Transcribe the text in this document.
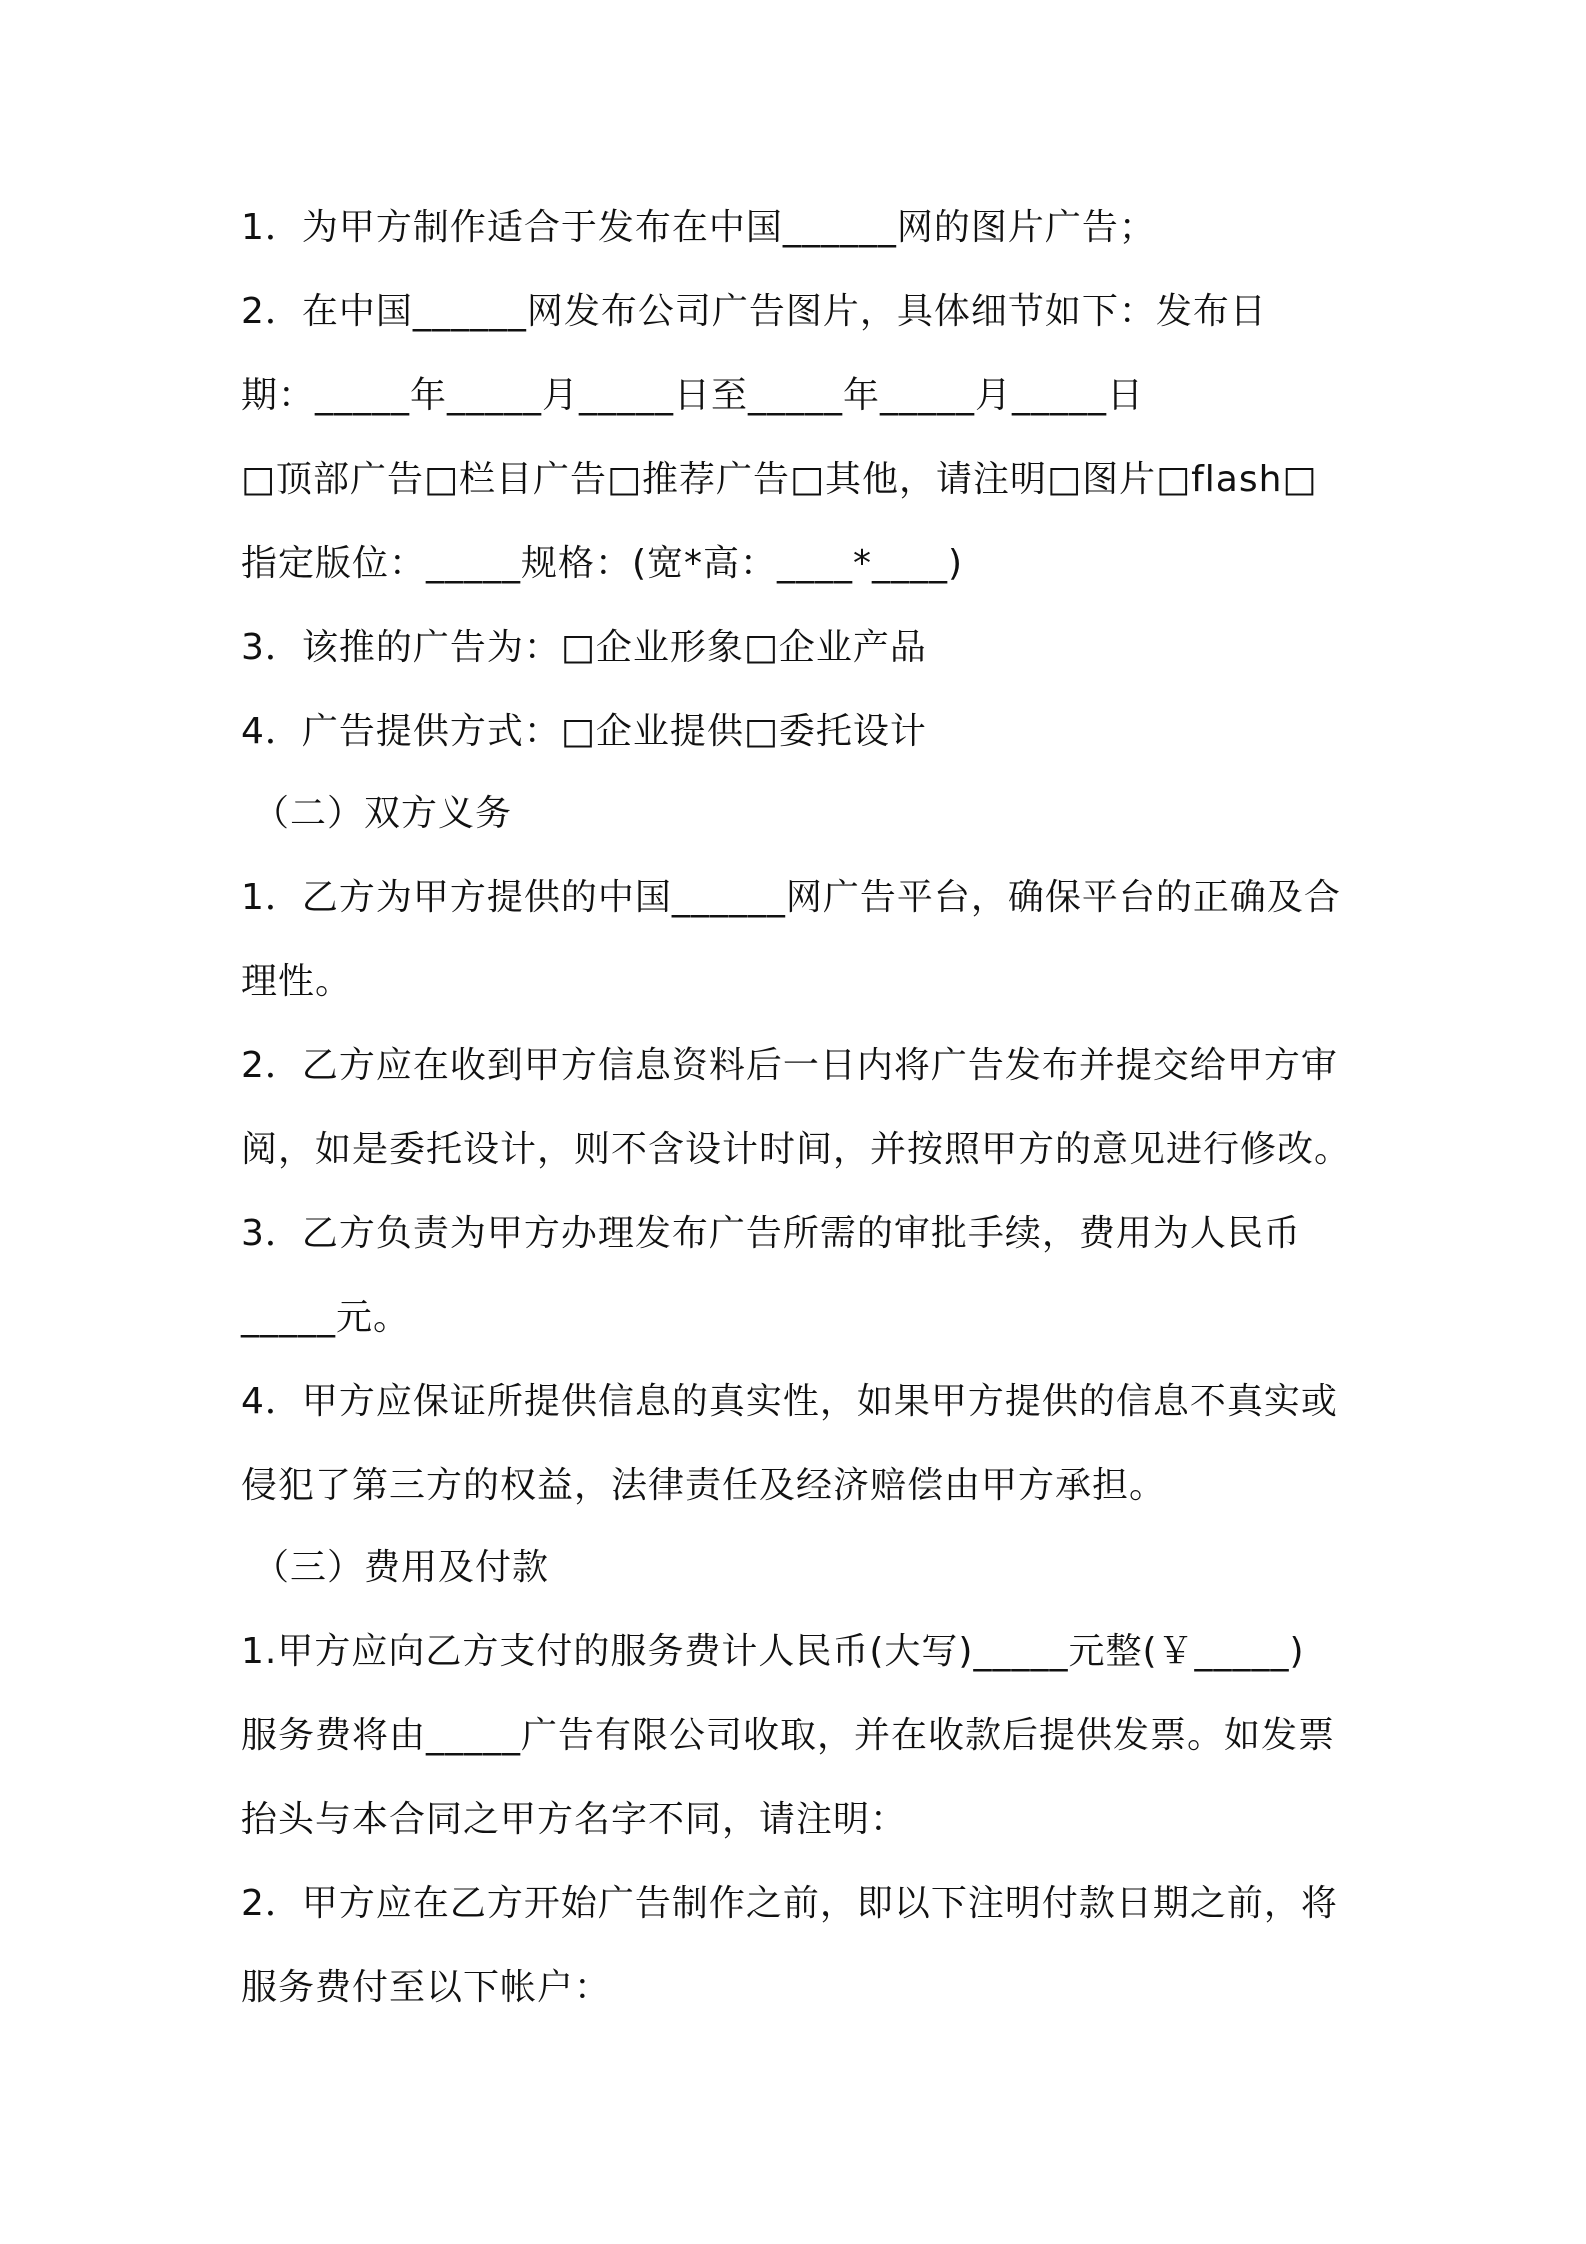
1．为甲方制作适合于发布在中国______网的图片广告；
2．在中国______网发布公司广告图片，具体细节如下：发布日
期：_____年_____月_____日至_____年_____月_____日
□顶部广告□栏目广告□推荐广告□其他，请注明□图片□flash□
指定版位：_____规格：(宽*高：____*____)
3．该推的广告为：□企业形象□企业产品
4．广告提供方式：□企业提供□委托设计
（二）双方义务
1．乙方为甲方提供的中国______网广告平台，确保平台的正确及合
理性。
2．乙方应在收到甲方信息资料后一日内将广告发布并提交给甲方审
阅，如是委托设计，则不含设计时间，并按照甲方的意见进行修改。
3．乙方负责为甲方办理发布广告所需的审批手续，费用为人民币
_____元。
4．甲方应保证所提供信息的真实性，如果甲方提供的信息不真实或
侵犯了第三方的权益，法律责任及经济赔偿由甲方承担。
（三）费用及付款
1.甲方应向乙方支付的服务费计人民币(大写)_____元整(￥_____)
服务费将由_____广告有限公司收取，并在收款后提供发票。如发票
抬头与本合同之甲方名字不同，请注明：
2．甲方应在乙方开始广告制作之前，即以下注明付款日期之前，将
服务费付至以下帐户：
